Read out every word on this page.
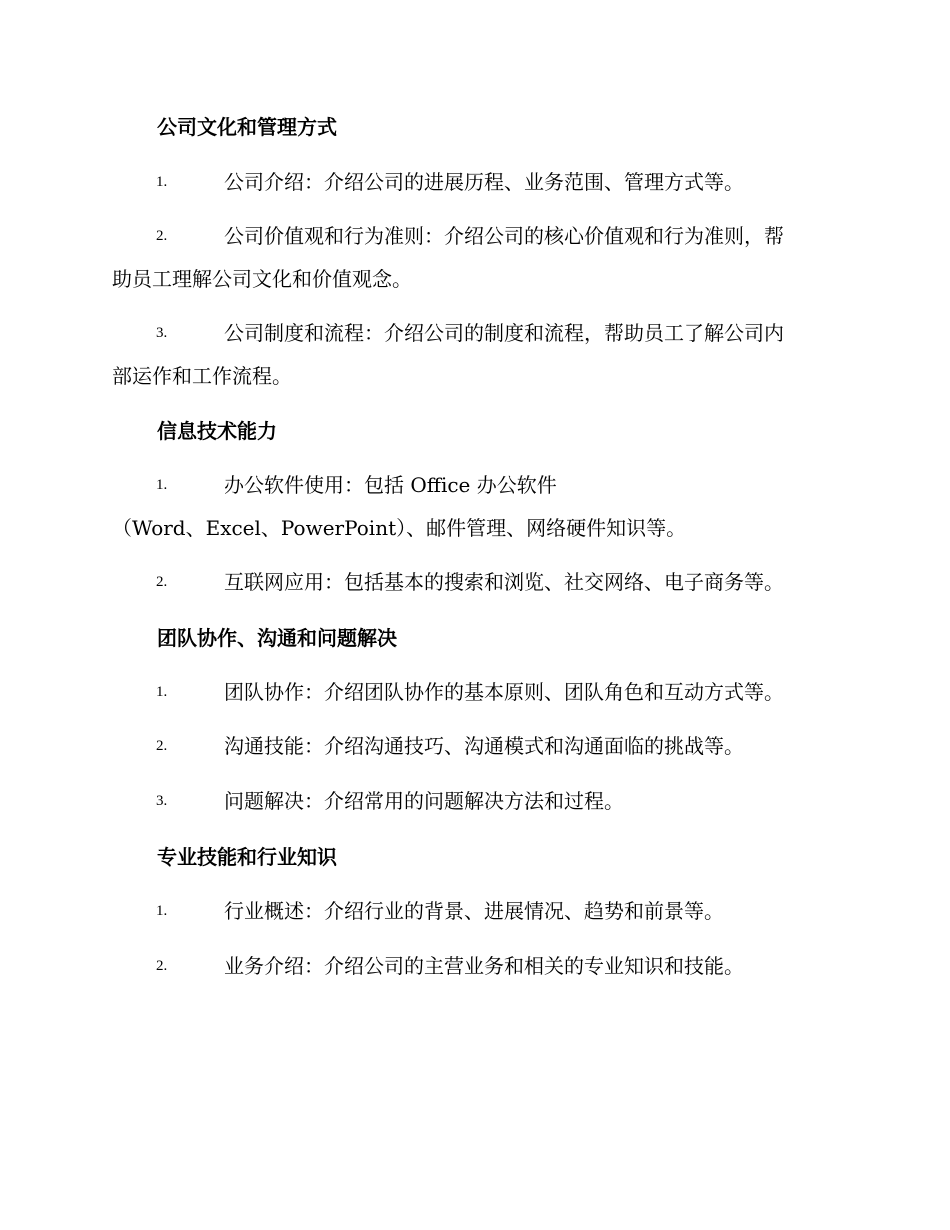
公司文化和管理方式
1.	公司介绍：介绍公司的进展历程、业务范围、管理方式等。
2.	公司价值观和行为准则：介绍公司的核心价值观和行为准则，帮
助员工理解公司文化和价值观念。
3.	公司制度和流程：介绍公司的制度和流程，帮助员工了解公司内
部运作和工作流程。
信息技术能力
1.	办公软件使用：包括 Office 办公软件
（Word、Excel、PowerPoint）、邮件管理、网络硬件知识等。
2.	互联网应用：包括基本的搜索和浏览、社交网络、电子商务等。
团队协作、沟通和问题解决
1.	团队协作：介绍团队协作的基本原则、团队角色和互动方式等。
2.	沟通技能：介绍沟通技巧、沟通模式和沟通面临的挑战等。
3.	问题解决：介绍常用的问题解决方法和过程。
专业技能和行业知识
1.	行业概述：介绍行业的背景、进展情况、趋势和前景等。
2.	业务介绍：介绍公司的主营业务和相关的专业知识和技能。
